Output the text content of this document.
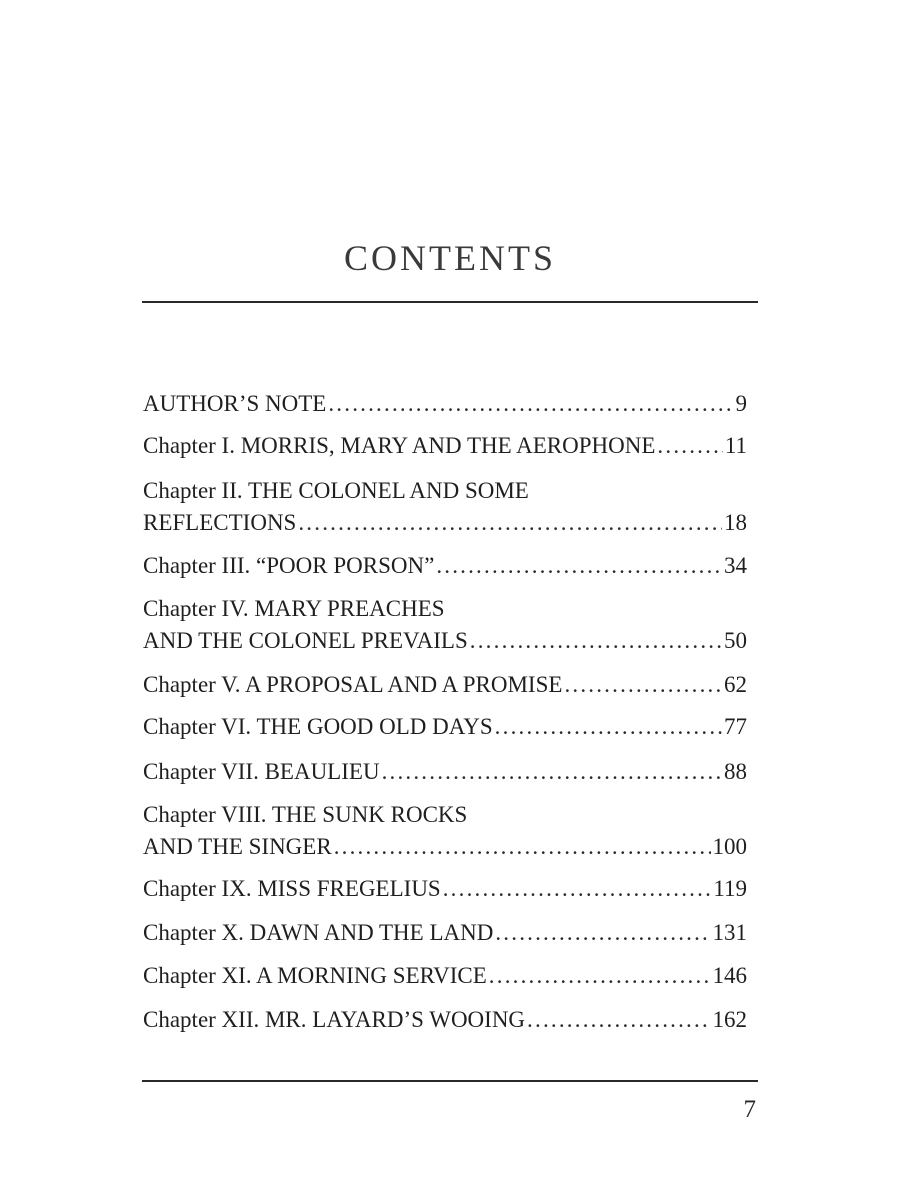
CONTENTS
AUTHOR’S NOTE .....	9
Chapter I. MORRIS, MARY AND THE AEROPHONE .....	11
Chapter II. THE COLONEL AND SOME
REFLECTIONS .....	18
Chapter III. “POOR PORSON” .....	34
Chapter IV. MARY PREACHES
AND THE COLONEL PREVAILS .....	50
Chapter V. A PROPOSAL AND A PROMISE .....	62
Chapter VI. THE GOOD OLD DAYS .....	77
Chapter VII. BEAULIEU .....	88
Chapter VIII. THE SUNK ROCKS
AND THE SINGER .....	100
Chapter IX. MISS FREGELIUS .....	119
Chapter X. DAWN AND THE LAND .....	131
Chapter XI. A MORNING SERVICE .....	146
Chapter XII. MR. LAYARD’S WOOING .....	162
7
